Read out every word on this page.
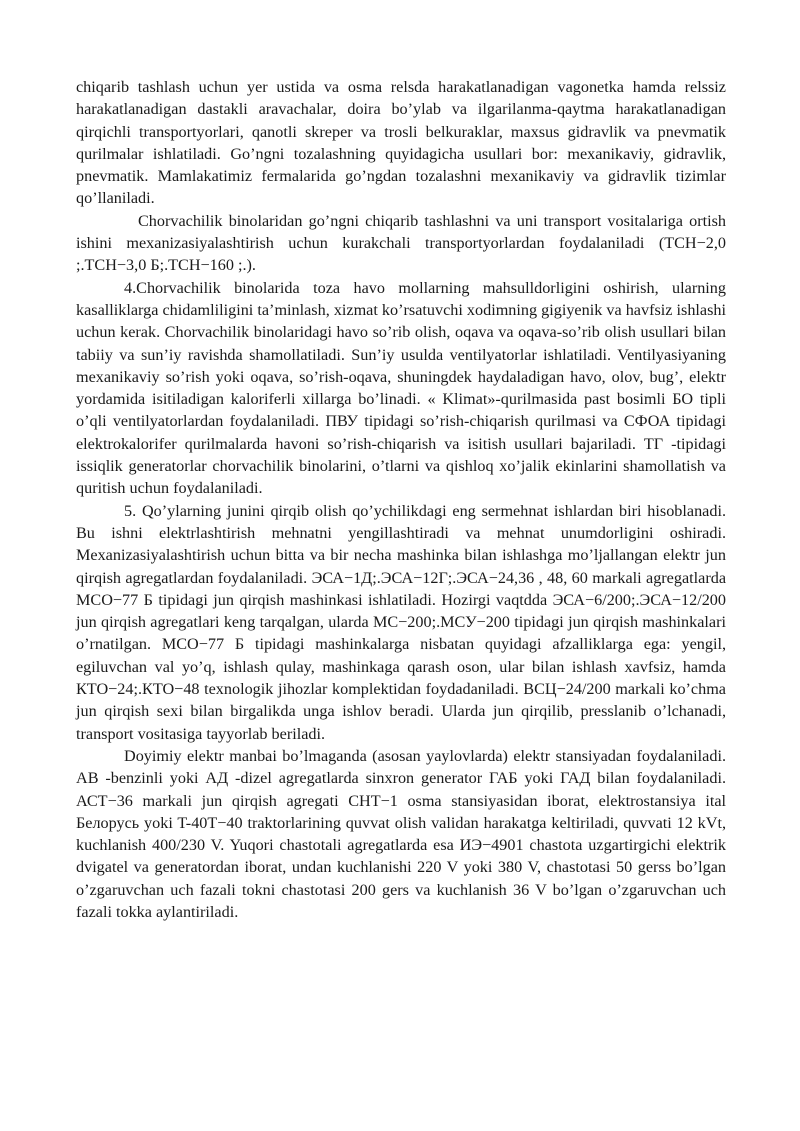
chiqarib tashlash uchun yer ustida va osma relsda harakatlanadigan vagonetka hamda relssiz harakatlanadigan dastakli aravachalar, doira bo’ylab va ilgarilanma-qaytma harakatlanadigan qirqichli transportyorlari, qanotli skreper va trosli belkuraklar, maxsus gidravlik va pnevmatik qurilmalar ishlatiladi. Go’ngni tozalashning quyidagicha usullari bor: mexanikaviy, gidravlik, pnevmatik. Mamlakatimiz fermalarida go’ngdan tozalashni mexanikaviy va gidravlik tizimlar qo’llaniladi.

Chorvachilik binolaridan go’ngni chiqarib tashlashni va uni transport vositalariga ortish ishini mexanizasiyalashtirish uchun kurakchali transportyorlardan foydalaniladi (ТСН−2,0 ;.ТСН−3,0 Б;.ТСН−160 ;.).

4.Chorvachilik binolarida toza havo mollarning mahsulldorligini oshirish, ularning kasalliklarga chidamliligini ta’minlash, xizmat ko’rsatuvchi xodimning gigiyenik va havfsiz ishlashi uchun kerak. Chorvachilik binolaridagi havo so’rib olish, oqava va oqava-so’rib olish usullari bilan tabiiy va sun’iy ravishda shamollatiladi. Sun’iy usulda ventilyatorlar ishlatiladi. Ventilyasiyaning mexanikaviy so’rish yoki oqava, so’rish-oqava, shuningdek haydaladigan havo, olov, bug’, elektr yordamida isitiladigan kaloriferli xillarga bo’linadi. « Klimat»-qurilmasida past bosimli БО tipli o’qli ventilyatorlardan foydalaniladi. ПВУ tipidagi so’rish-chiqarish qurilmasi va СФОА tipidagi elektrokalorifer qurilmalarda havoni so’rish-chiqarish va isitish usullari bajariladi. ТГ -tipidagi issiqlik generatorlar chorvachilik binolarini, o’tlarni va qishloq xo’jalik ekinlarini shamollatish va quritish uchun foydalaniladi.

5. Qo’ylarning junini qirqib olish qo’ychilikdagi eng sermehnat ishlardan biri hisoblanadi. Bu ishni elektrlashtirish mehnatni yengillashtiradi va mehnat unumdorligini oshiradi. Mexanizasiyalashtirish uchun bitta va bir necha mashinka bilan ishlashga mo’ljallangan elektr jun qirqish agregatlardan foydalaniladi. ЭСА−1Д;.ЭСА−12Г;.ЭСА−24,36 , 48, 60 markali agregatlarda МСО−77 Б tipidagi jun qirqish mashinkasi ishlatiladi. Hozirgi vaqtdda ЭСА−6/200;.ЭСА−12/200 jun qirqish agregatlari keng tarqalgan, ularda МС−200;.МСУ−200 tipidagi jun qirqish mashinkalari o’rnatilgan. МСО−77 Б tipidagi mashinkalarga nisbatan quyidagi afzalliklarga ega: yengil, egiluvchan val yo’q, ishlash qulay, mashinkaga qarash oson, ular bilan ishlash xavfsiz, hamda КТО−24;.КТО−48 texnologik jihozlar komplektidan foydadaniladi. ВСЦ−24/200 markali ko’chma jun qirqish sexi bilan birgalikda unga ishlov beradi. Ularda jun qirqilib, presslanib o’lchanadi, transport vositasiga tayyorlab beriladi.

Doyimiy elektr manbai bo’lmaganda (asosan yaylovlarda) elektr stansiyadan foydalaniladi. АВ -benzinli yoki АД -dizel agregatlarda sinxron generator ГАБ yoki ГАД bilan foydalaniladi. АСТ−36 markali jun qirqish agregati СНТ−1 osma stansiyasidan iborat, elektrostansiya ital Белорусь yoki T-40Т−40 traktorlarining quvvat olish validan harakatga keltiriladi, quvvati 12 kVt, kuchlanish 400/230 V. Yuqori chastotali agregatlarda esa ИЭ−4901 chastota uzgartirgichi elektrik dvigatel va generatordan iborat, undan kuchlanishi 220 V yoki 380 V, chastotasi 50 gerss bo’lgan o’zgaruvchan uch fazali tokni chastotasi 200 gers va kuchlanish 36 V bo’lgan o’zgaruvchan uch fazali tokka aylantiriladi.
